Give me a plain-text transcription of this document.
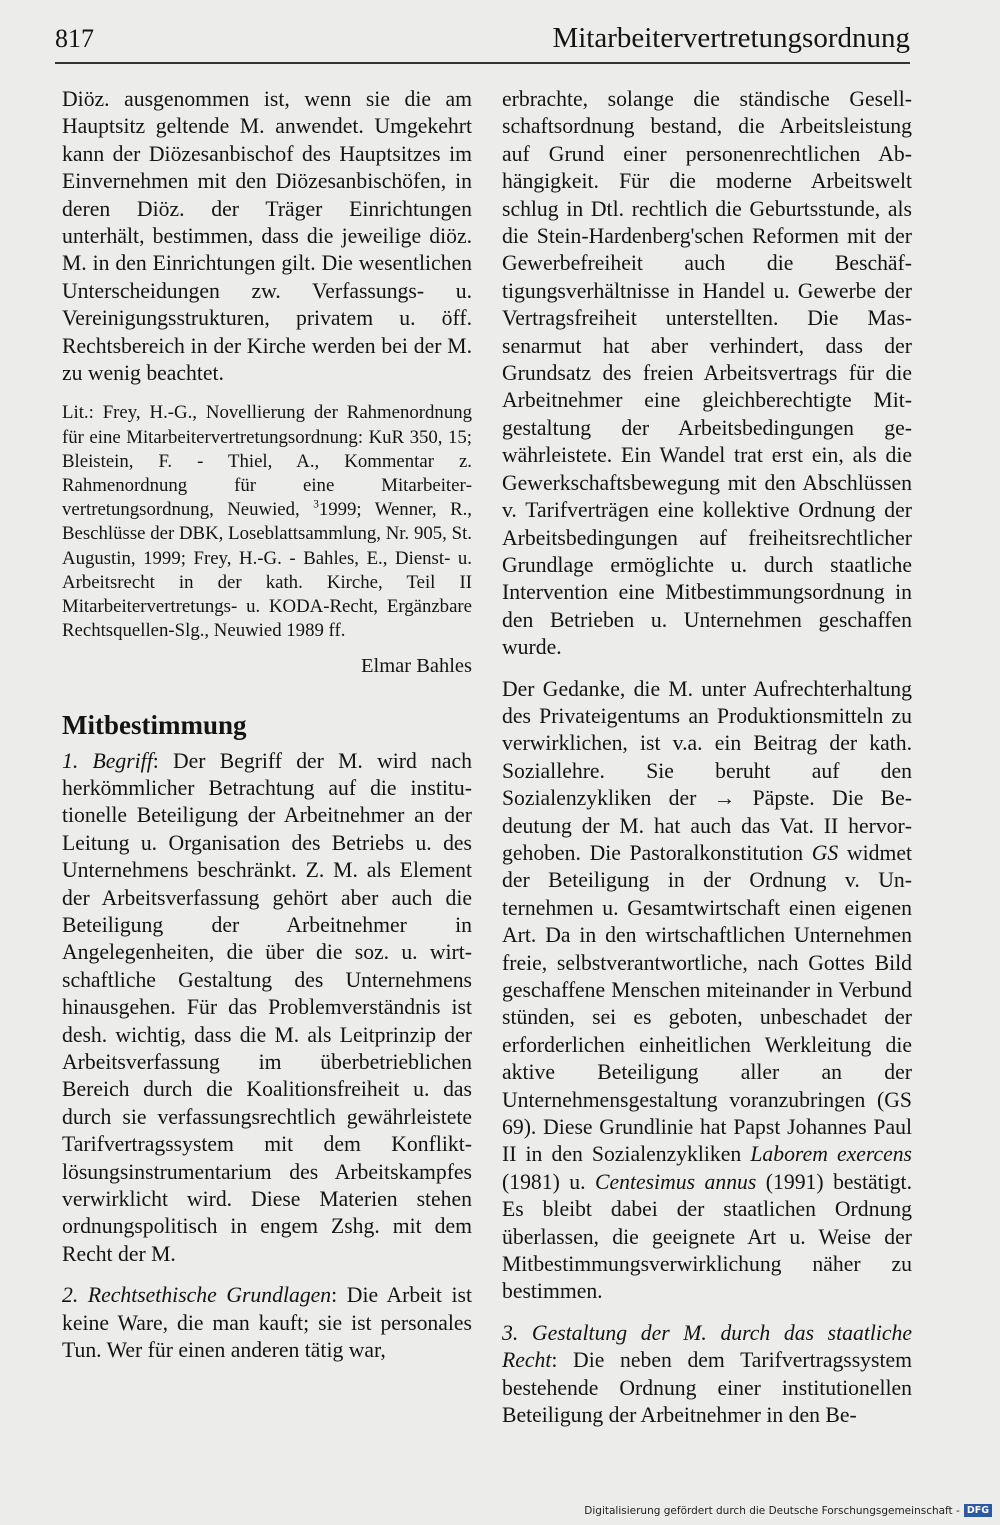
817	Mitarbeitervertretungsordnung

Diöz. ausgenommen ist, wenn sie die am Hauptsitz geltende M. anwendet. Umgekehrt kann der Diözesanbischof des Hauptsitzes im Einvernehmen mit den Diözesanbischöfen, in deren Diöz. der Träger Einrichtungen unterhält, bestimmen, dass die jeweilige diöz. M. in den Einrichtungen gilt. Die wesentlichen Unterscheidungen zw. Verfassungs- u. Vereinigungsstrukturen, privatem u. öff. Rechtsbereich in der Kirche werden bei der M. zu wenig beachtet.

Lit.: Frey, H.-G., Novellierung der Rahmenordnung für eine Mitarbeitervertretungsordnung: KuR 350, 15; Bleistein, F. - Thiel, A., Kommentar z. Rahmenordnung für eine Mitarbeitervertretungsordnung, Neuwied, $^3$1999; Wenner, R., Beschlüsse der DBK, Loseblattsammlung, Nr. 905, St. Augustin, 1999; Frey, H.-G. - Bahles, E., Dienst- u. Arbeitsrecht in der kath. Kirche, Teil II Mitarbeitervertretungs- u. KODA-Recht, Ergänzbare Rechtsquellen-Slg., Neuwied 1989 ff.

Elmar Bahles

Mitbestimmung

1. Begriff: Der Begriff der M. wird nach herkömmlicher Betrachtung auf die institutionelle Beteiligung der Arbeitnehmer an der Leitung u. Organisation des Betriebs u. des Unternehmens beschränkt. Z. M. als Element der Arbeitsverfassung gehört aber auch die Beteiligung der Arbeitnehmer in Angelegenheiten, die über die soz. u. wirtschaftliche Gestaltung des Unternehmens hinausgehen. Für das Problemverständnis ist desh. wichtig, dass die M. als Leitprinzip der Arbeitsverfassung im überbetrieblichen Bereich durch die Koalitionsfreiheit u. das durch sie verfassungsrechtlich gewährleistete Tarifvertragssystem mit dem Konfliktlösungsinstrumentarium des Arbeitskampfes verwirklicht wird. Diese Materien stehen ordnungspolitisch in engem Zshg. mit dem Recht der M.

2. Rechtsethische Grundlagen: Die Arbeit ist keine Ware, die man kauft; sie ist personales Tun. Wer für einen anderen tätig war,

erbrachte, solange die ständische Gesellschaftsordnung bestand, die Arbeitsleistung auf Grund einer personenrechtlichen Abhängigkeit. Für die moderne Arbeitswelt schlug in Dtl. rechtlich die Geburtsstunde, als die Stein-Hardenberg'schen Reformen mit der Gewerbefreiheit auch die Beschäftigungsverhältnisse in Handel u. Gewerbe der Vertragsfreiheit unterstellten. Die Massenarmut hat aber verhindert, dass der Grundsatz des freien Arbeitsvertrags für die Arbeitnehmer eine gleichberechtigte Mitgestaltung der Arbeitsbedingungen gewährleistete. Ein Wandel trat erst ein, als die Gewerkschaftsbewegung mit den Abschlüssen v. Tarifverträgen eine kollektive Ordnung der Arbeitsbedingungen auf freiheitsrechtlicher Grundlage ermöglichte u. durch staatliche Intervention eine Mitbestimmungsordnung in den Betrieben u. Unternehmen geschaffen wurde.

Der Gedanke, die M. unter Aufrechterhaltung des Privateigentums an Produktionsmitteln zu verwirklichen, ist v.a. ein Beitrag der kath. Soziallehre. Sie beruht auf den Sozialenzykliken der → Päpste. Die Bedeutung der M. hat auch das Vat. II hervorgehoben. Die Pastoralkonstitution GS widmet der Beteiligung in der Ordnung v. Unternehmen u. Gesamtwirtschaft einen eigenen Art. Da in den wirtschaftlichen Unternehmen freie, selbstverantwortliche, nach Gottes Bild geschaffene Menschen miteinander in Verbund stünden, sei es geboten, unbeschadet der erforderlichen einheitlichen Werkleitung die aktive Beteiligung aller an der Unternehmensgestaltung voranzubringen (GS 69). Diese Grundlinie hat Papst Johannes Paul II in den Sozialenzykliken Laborem exercens (1981) u. Centesimus annus (1991) bestätigt. Es bleibt dabei der staatlichen Ordnung überlassen, die geeignete Art u. Weise der Mitbestimmungsverwirklichung näher zu bestimmen.

3. Gestaltung der M. durch das staatliche Recht: Die neben dem Tarifvertragssystem bestehende Ordnung einer institutionellen Beteiligung der Arbeitnehmer in den Be-

Digitalisierung gefördert durch die Deutsche Forschungsgemeinschaft - DFG
